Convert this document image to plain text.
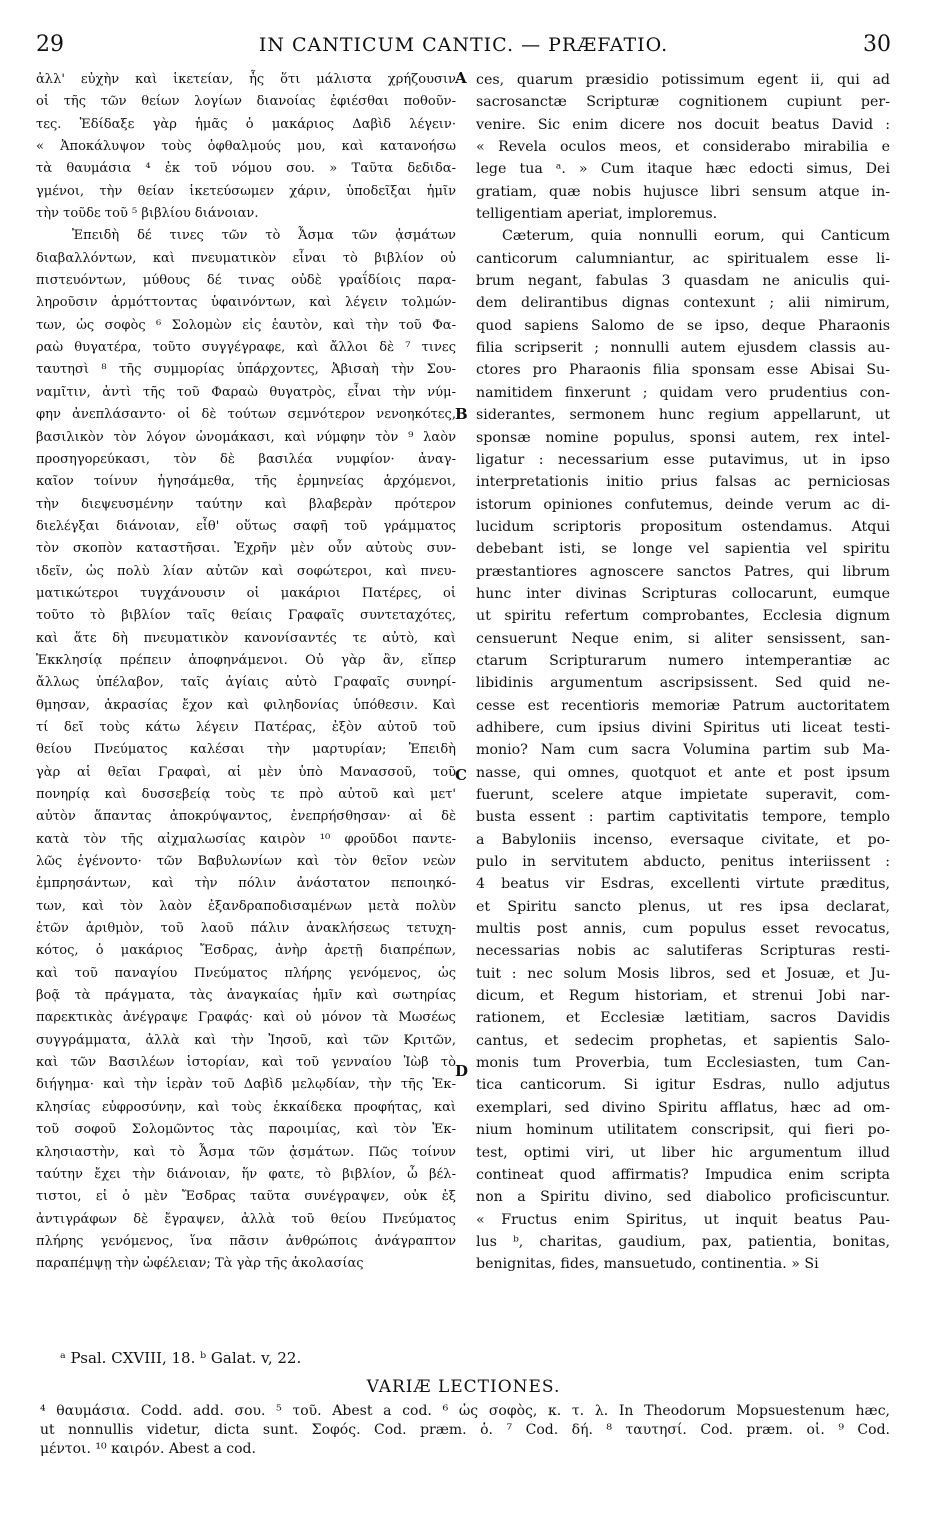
29	IN CANTICUM CANTIC. — PRÆFATIO.	30
ἀλλ' εὐχὴν καὶ ἱκετείαν, ἧς ὅτι μάλιστα χρήζουσιν
οἱ τῆς τῶν θείων λογίων διανοίας ἐφιέσθαι ποθοῦν-
τες. Ἐδίδαξε γὰρ ἡμᾶς ὁ μακάριος Δαβὶδ λέγειν·
« Ἀποκάλυψον τοὺς ὀφθαλμούς μου, καὶ κατανοήσω
τὰ θαυμάσια ⁴ ἐκ τοῦ νόμου σου. » Ταῦτα δεδιδα-
γμένοι, τὴν θείαν ἱκετεύσωμεν χάριν, ὑποδεῖξαι ἡμῖν
τὴν τοῦδε τοῦ ⁵ βιβλίου διάνοιαν.
Ἐπειδὴ δέ τινες τῶν τὸ Ἆσμα τῶν ᾀσμάτων
διαβαλλόντων, καὶ πνευματικὸν εἶναι τὸ βιβλίον οὐ
πιστευόντων, μύθους δέ τινας οὐδὲ γραΐδίοις παρα-
ληροῦσιν ἁρμόττοντας ὑφαινόντων, καὶ λέγειν τολμών-
των, ὡς σοφὸς ⁶ Σολομὼν εἰς ἑαυτὸν, καὶ τὴν τοῦ Φα-
ραὼ θυγατέρα, τοῦτο συγγέγραφε, καὶ ἄλλοι δὲ ⁷ τινες
ταυτησὶ ⁸ τῆς συμμορίας ὑπάρχοντες, Ἀβισαὴ τὴν Σου-
ναμῖτιν, ἀντὶ τῆς τοῦ Φαραὼ θυγατρὸς, εἶναι τὴν νύμ-
φην ἀνεπλάσαντο· οἱ δὲ τούτων σεμνότερον νενοηκότες,
βασιλικὸν τὸν λόγον ὠνομάκασι, καὶ νύμφην τὸν ⁹ λαὸν
προσηγορεύκασι, τὸν δὲ βασιλέα νυμφίον· ἀναγ-
καῖον τοίνυν ἡγησάμεθα, τῆς ἑρμηνείας ἀρχόμενοι,
τὴν διεψευσμένην ταύτην καὶ βλαβερὰν πρότερον
διελέγξαι διάνοιαν, εἶθ' οὕτως σαφῆ τοῦ γράμματος
τὸν σκοπὸν καταστῆσαι. Ἐχρῆν μὲν οὖν αὐτοὺς συν-
ιδεῖν, ὡς πολὺ λίαν αὐτῶν καὶ σοφώτεροι, καὶ πνευ-
ματικώτεροι τυγχάνουσιν οἱ μακάριοι Πατέρες, οἱ
τοῦτο τὸ βιβλίον ταῖς θείαις Γραφαῖς συντεταχότες,
καὶ ἅτε δὴ πνευματικὸν κανονίσαντές τε αὐτὸ, καὶ
Ἐκκλησίᾳ πρέπειν ἀποφηνάμενοι. Οὐ γὰρ ἂν, εἴπερ
ἄλλως ὑπέλαβον, ταῖς ἁγίαις αὐτὸ Γραφαῖς συνηρί-
θμησαν, ἀκρασίας ἔχον καὶ φιληδονίας ὑπόθεσιν. Καὶ
τί δεῖ τοὺς κάτω λέγειν Πατέρας, ἐξὸν αὐτοῦ τοῦ
θείου Πνεύματος καλέσαι τὴν μαρτυρίαν; Ἐπειδὴ
γὰρ αἱ θεῖαι Γραφαὶ, αἱ μὲν ὑπὸ Μανασσοῦ, τοῦ
πονηρίᾳ καὶ δυσσεβείᾳ τοὺς τε πρὸ αὐτοῦ καὶ μετ'
αὐτὸν ἅπαντας ἀποκρύψαντος, ἐνεπρήσθησαν· αἱ δὲ
κατὰ τὸν τῆς αἰχμαλωσίας καιρὸν ¹⁰ φροῦδοι παντε-
λῶς ἐγένοντο· τῶν Βαβυλωνίων καὶ τὸν θεῖον νεὼν
ἐμπρησάντων, καὶ τὴν πόλιν ἀνάστατον πεποιηκό-
των, καὶ τὸν λαὸν ἐξανδραποδισαμένων μετὰ πολὺν
ἐτῶν ἀριθμὸν, τοῦ λαοῦ πάλιν ἀνακλήσεως τετυχη-
κότος, ὁ μακάριος Ἔσδρας, ἀνὴρ ἀρετῇ διαπρέπων,
καὶ τοῦ παναγίου Πνεύματος πλήρης γενόμενος, ὡς
βοᾷ τὰ πράγματα, τὰς ἀναγκαίας ἡμῖν καὶ σωτηρίας
παρεκτικὰς ἀνέγραψε Γραφάς· καὶ οὐ μόνον τὰ Μωσέως
συγγράμματα, ἀλλὰ καὶ τὴν Ἰησοῦ, καὶ τῶν Κριτῶν,
καὶ τῶν Βασιλέων ἱστορίαν, καὶ τοῦ γενναίου Ἰὼβ τὸ
διήγημα· καὶ τὴν ἱερὰν τοῦ Δαβὶδ μελῳδίαν, τὴν τῆς Ἐκ-
κλησίας εὐφροσύνην, καὶ τοὺς ἑκκαίδεκα προφήτας, καὶ
τοῦ σοφοῦ Σολομῶντος τὰς παροιμίας, καὶ τὸν Ἐκ-
κλησιαστὴν, καὶ τὸ Ἆσμα τῶν ᾀσμάτων. Πῶς τοίνυν
ταύτην ἔχει τὴν διάνοιαν, ἥν φατε, τὸ βιβλίον, ὦ βέλ-
τιστοι, εἰ ὁ μὲν Ἔσδρας ταῦτα συνέγραψεν, οὐκ ἐξ
ἀντιγράφων δὲ ἔγραψεν, ἀλλὰ τοῦ θείου Πνεύματος
πλήρης γενόμενος, ἵνα πᾶσιν ἀνθρώποις ἀνάγραπτον
παραπέμψῃ τὴν ὠφέλειαν; Τὰ γὰρ τῆς ἀκολασίας
ces, quarum præsidio potissimum egent ii, qui ad
sacrosanctæ Scripturæ cognitionem cupiunt per-
venire. Sic enim dicere nos docuit beatus David :
« Revela oculos meos, et considerabo mirabilia e
lege tua ᵃ. » Cum itaque hæc edocti simus, Dei
gratiam, quæ nobis hujusce libri sensum atque in-
telligentiam aperiat, imploremus.
Cæterum, quia nonnulli eorum, qui Canticum
canticorum calumniantur, ac spiritualem esse li-
brum negant, fabulas 3 quasdam ne aniculis qui-
dem delirantibus dignas contexunt ; alii nimirum,
quod sapiens Salomo de se ipso, deque Pharaonis
filia scripserit ; nonnulli autem ejusdem classis au-
ctores pro Pharaonis filia sponsam esse Abisai Su-
namitidem finxerunt ; quidam vero prudentius con-
siderantes, sermonem hunc regium appellarunt, ut
sponsæ nomine populus, sponsi autem, rex intel-
ligatur : necessarium esse putavimus, ut in ipso
interpretationis initio prius falsas ac perniciosas
istorum opiniones confutemus, deinde verum ac di-
lucidum scriptoris propositum ostendamus. Atqui
debebant isti, se longe vel sapientia vel spiritu
præstantiores agnoscere sanctos Patres, qui librum
hunc inter divinas Scripturas collocarunt, eumque
ut spiritu refertum comprobantes, Ecclesia dignum
censuerunt Neque enim, si aliter sensissent, san-
ctarum Scripturarum numero intemperantiæ ac
libidinis argumentum ascripsissent. Sed quid ne-
cesse est recentioris memoriæ Patrum auctoritatem
adhibere, cum ipsius divini Spiritus uti liceat testi-
monio? Nam cum sacra Volumina partim sub Ma-
nasse, qui omnes, quotquot et ante et post ipsum
fuerunt, scelere atque impietate superavit, com-
busta essent : partim captivitatis tempore, templo
a Babyloniis incenso, eversaque civitate, et po-
pulo in servitutem abducto, penitus interiissent :
4 beatus vir Esdras, excellenti virtute præditus,
et Spiritu sancto plenus, ut res ipsa declarat,
multis post annis, cum populus esset revocatus,
necessarias nobis ac salutiferas Scripturas resti-
tuit : nec solum Mosis libros, sed et Josuæ, et Ju-
dicum, et Regum historiam, et strenui Jobi nar-
rationem, et Ecclesiæ lætitiam, sacros Davidis
cantus, et sedecim prophetas, et sapientis Salo-
monis tum Proverbia, tum Ecclesiasten, tum Can-
tica canticorum. Si igitur Esdras, nullo adjutus
exemplari, sed divino Spiritu afflatus, hæc ad om-
nium hominum utilitatem conscripsit, qui fieri po-
test, optimi viri, ut liber hic argumentum illud
contineat quod affirmatis? Impudica enim scripta
non a Spiritu divino, sed diabolico proficiscuntur.
« Fructus enim Spiritus, ut inquit beatus Pau-
lus ᵇ, charitas, gaudium, pax, patientia, bonitas,
benignitas, fides, mansuetudo, continentia. » Si
A
B
C
D
ᵃ Psal. CXVIII, 18. ᵇ Galat. v, 22.
VARIÆ LECTIONES.
⁴ θαυμάσια. Codd. add. σου. ⁵ τοῦ. Abest a cod. ⁶ ὡς σοφὸς, κ. τ. λ. In Theodorum Mopsuestenum hæc,
ut nonnullis videtur, dicta sunt. Σοφός. Cod. præm. ὁ. ⁷ Cod. δή. ⁸ ταυτησί. Cod. præm. οἱ. ⁹ Cod.
μέντοι. ¹⁰ καιρόν. Abest a cod.
